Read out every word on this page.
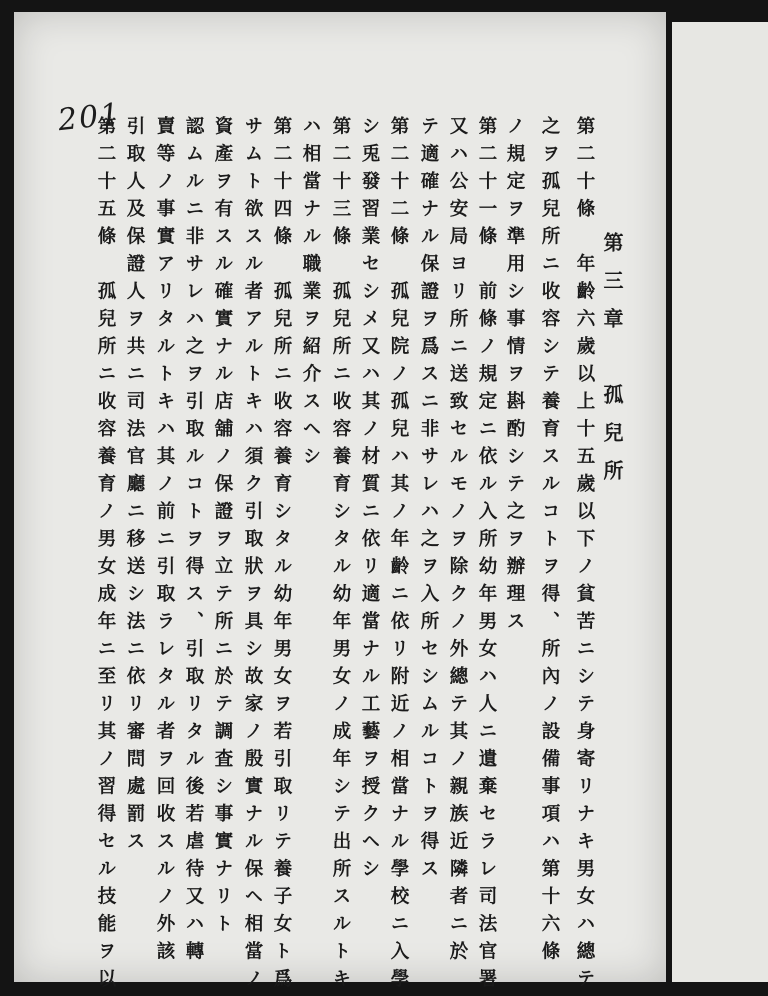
201
第三章　孤兒所
第二十條　年齡六歲以上十五歲以下ノ貧苦ニシテ身寄リナキ男女ハ總テ
之ヲ孤兒所ニ收容シテ養育スルコトヲ得、所內ノ設備事項ハ第十六條
ノ規定ヲ準用シ事情ヲ斟酌シテ之ヲ辦理ス
第二十一條　前條ノ規定ニ依ル入所幼年男女ハ人ニ遺棄セラレ司法官署
又ハ公安局ヨリ所ニ送致セルモノヲ除クノ外總テ其ノ親族近隣者ニ於
テ適確ナル保證ヲ爲スニ非サレハ之ヲ入所セシムルコトヲ得ス
第二十二條　孤兒院ノ孤兒ハ其ノ年齡ニ依リ附近ノ相當ナル學校ニ入學
シ兎發習業セシメ又ハ其ノ材質ニ依リ適當ナル工藝ヲ授クヘシ
第二十三條　孤兒所ニ收容養育シタル幼年男女ノ成年シテ出所スルトキ
ハ相當ナル職業ヲ紹介スヘシ
第二十四條　孤兒所ニ收容養育シタル幼年男女ヲ若引取リテ養子女ト爲
サムト欲スル者アルトキハ須ク引取狀ヲ具シ故家ノ殷實ナル保ヘ相當ノ
資產ヲ有スル確實ナル店舖ノ保證ヲ立テ所ニ於テ調査シ事實ナリト
認ムルニ非サレハ之ヲ引取ルコトヲ得ス、引取リタル後若虐待又ハ轉
賣等ノ事實アリタルトキハ其ノ前ニ引取ラレタル者ヲ回收スルノ外該
引取人及保證人ヲ共ニ司法官廳ニ移送シ法ニ依リ審問處罰ス
第二十五條　孤兒所ニ收容養育ノ男女成年ニ至リ其ノ習得セル技能ヲ以
